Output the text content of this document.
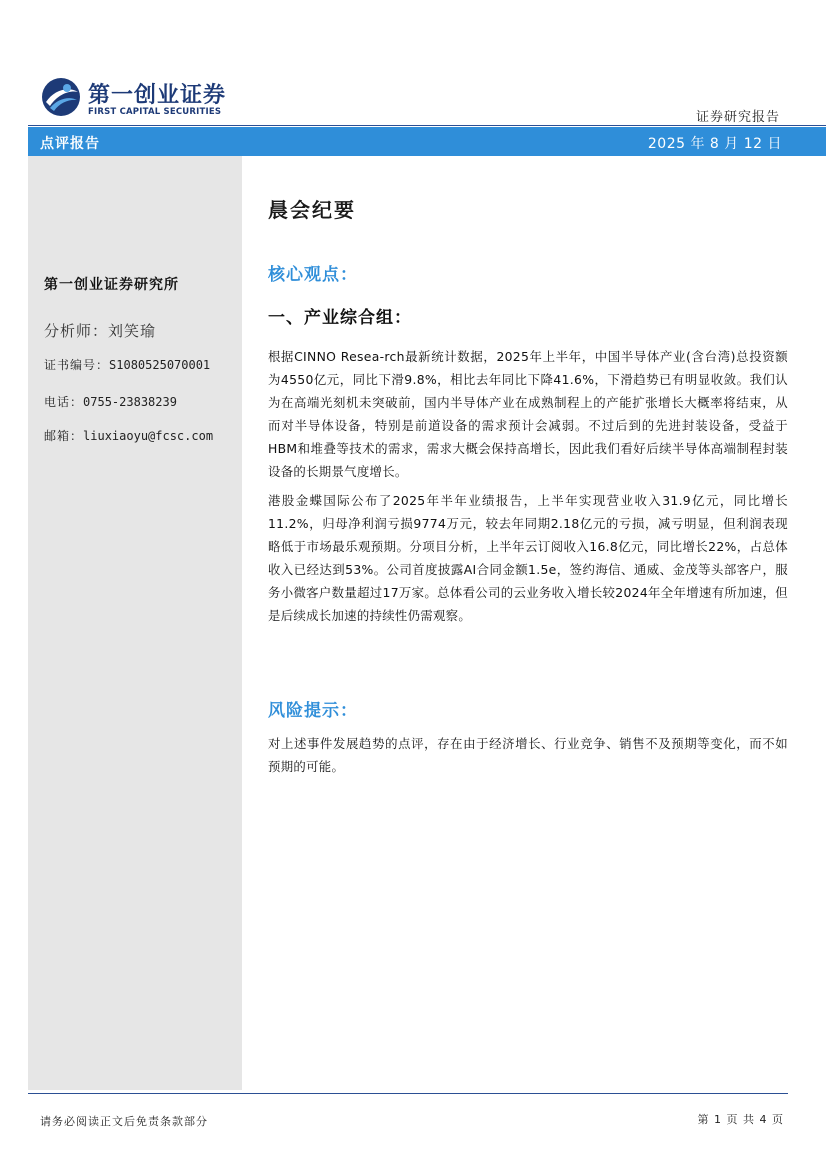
第一创业证券
FIRST CAPITAL SECURITIES	证券研究报告
点评报告	2025 年 8 月 12 日
第一创业证券研究所
分析师：刘笑瑜
证书编号：S1080525070001
电话：0755-23838239
邮箱：liuxiaoyu@fcsc.com
晨会纪要
核心观点：
一、产业综合组：
根据CINNO Resea-rch最新统计数据，2025年上半年，中国半导体产业(含台湾)总投资额为4550亿元，同比下滑9.8%，相比去年同比下降41.6%，下滑趋势已有明显收敛。我们认为在高端光刻机未突破前，国内半导体产业在成熟制程上的产能扩张增长大概率将结束，从而对半导体设备，特别是前道设备的需求预计会减弱。不过后到的先进封装设备，受益于HBM和堆叠等技术的需求，需求大概会保持高增长，因此我们看好后续半导体高端制程封装设备的长期景气度增长。
港股金蝶国际公布了2025年半年业绩报告，上半年实现营业收入31.9亿元，同比增长11.2%，归母净利润亏损9774万元，较去年同期2.18亿元的亏损，减亏明显，但利润表现略低于市场最乐观预期。分项目分析，上半年云订阅收入16.8亿元，同比增长22%，占总体收入已经达到53%。公司首度披露AI合同金额1.5e，签约海信、通威、金茂等头部客户，服务小微客户数量超过17万家。总体看公司的云业务收入增长较2024年全年增速有所加速，但是后续成长加速的持续性仍需观察。
风险提示：
对上述事件发展趋势的点评，存在由于经济增长、行业竞争、销售不及预期等变化，而不如预期的可能。
请务必阅读正文后免责条款部分	第 1 页 共 4 页
